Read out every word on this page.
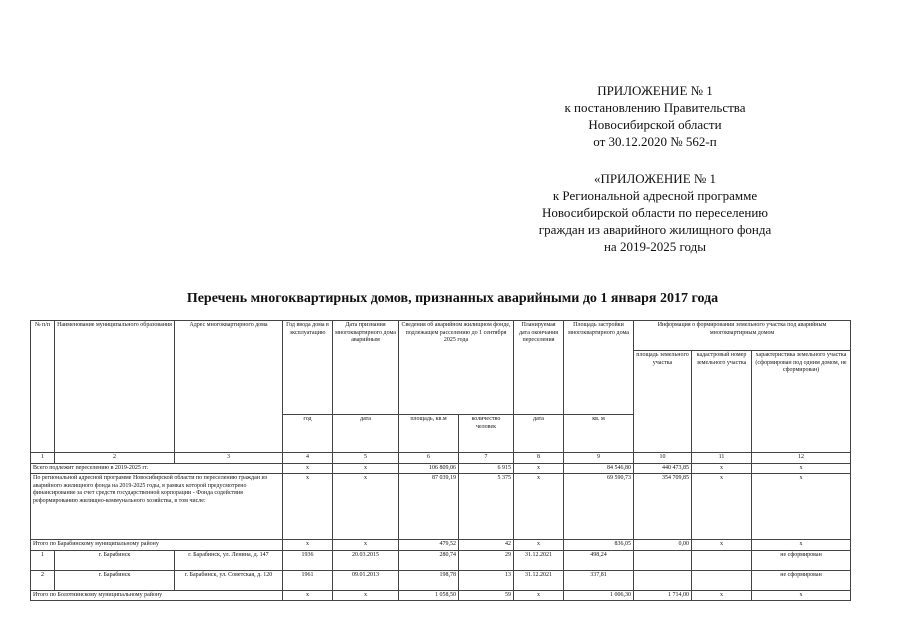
ПРИЛОЖЕНИЕ № 1
к постановлению Правительства
Новосибирской области
от 30.12.2020 № 562-п
«ПРИЛОЖЕНИЕ № 1
к Региональной адресной программе
Новосибирской области по переселению
граждан из аварийного жилищного фонда
на 2019-2025 годы
Перечень многоквартирных домов, признанных аварийными до 1 января 2017 года
№ п/п	Наименование муниципального образования	Адрес многоквартирного дома	Год ввода дома в эксплуатацию	Дата признания многоквартирного дома аварийным	Сведения об аварийном жилищном фонде, подлежащем расселению до 1 сентября 2025 года		Планируемая дата окончания переселения	Площадь застройки многоквартирного дома	Информация о формировании земельного участка под аварийным многоквартирным домом		
									площадь земельного участка	кадастровый номер земельного участка	характеристика земельного участка (сформирован под одним домом, не сформирован)
			год	дата	площадь, кв.м	количество человек	дата	кв. м			
1	2	3	4	5	6	7	8	9	10	11	12
Всего подлежит переселению в 2019-2025 гг.			x	x	106 809,06	6 915	x	84 546,80	440 473,85	x	x
По региональной адресной программе Новосибирской области по переселению граждан из аварийного жилищного фонда на 2019-2025 годы, в рамках которой предусмотрено финансирование за счет средств государственной корпорации - Фонда содействия реформированию жилищно-коммунального хозяйства, в том числе:			x	x	87 039,19	5 375	x	69 590,73	354 709,85	x	x
Итого по Барабинскому муниципальному району			x	x	479,52	42	x	836,05	0,00	x	x
1	г. Барабинск	г. Барабинск, ул. Ленина, д. 147	1936	20.03.2015	280,74	29	31.12.2021	498,24			не сформирован
2	г. Барабинск	г. Барабинск, ул. Советская, д. 120	1961	09.01.2013	198,78	13	31.12.2021	337,81			не сформирован
Итого по Болотнинскому муниципальному району			x	x	1 058,50	59	x	1 006,30	1 714,00	x	x
